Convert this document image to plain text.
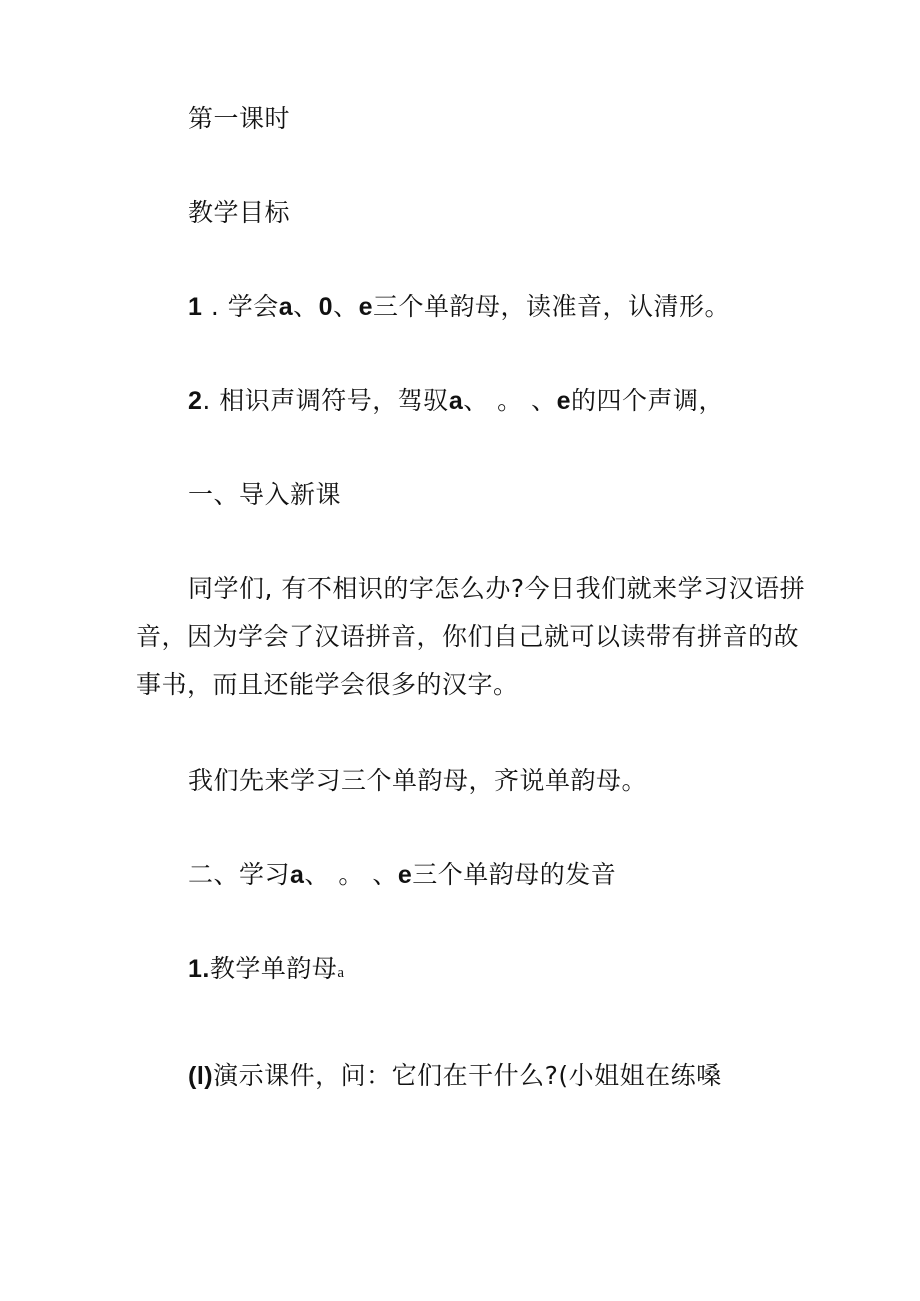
第一课时
教学目标
1 . 学会a、0、e三个单韵母，读准音，认清形。
2. 相识声调符号，驾驭a、 。 、e的四个声调，
一、导入新课

同学们, 有不相识的字怎么办?今日我们就来学习汉语拼音，因为学会了汉语拼音，你们自己就可以读带有拼音的故事书，而且还能学会很多的汉字。

我们先来学习三个单韵母，齐说单韵母。
二、学习a、 。 、e三个单韵母的发音
1.教学单韵母a
(l)演示课件，问：它们在干什么?(小姐姐在练嗓
